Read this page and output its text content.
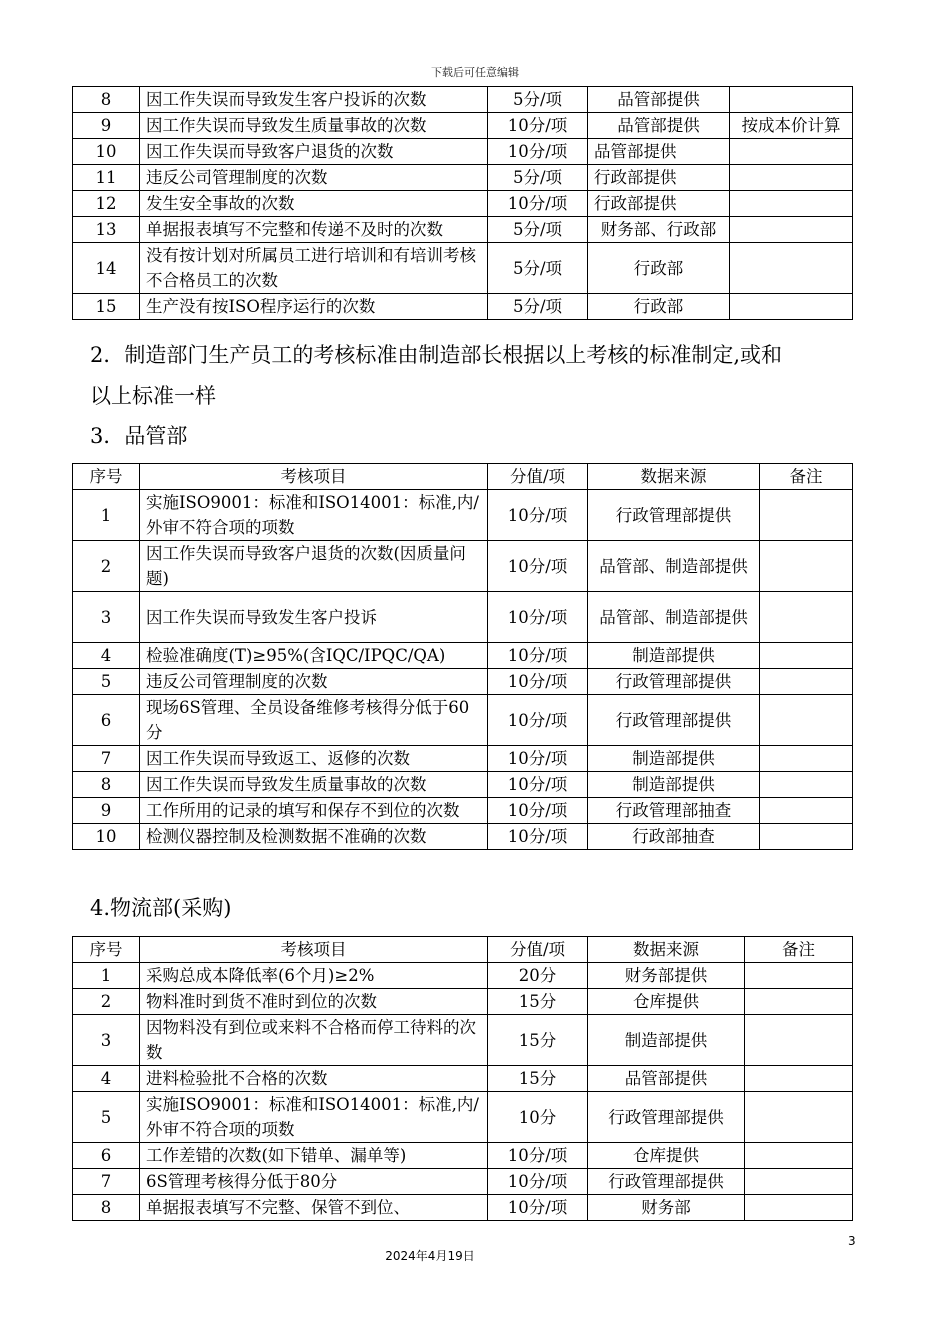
下载后可任意编辑
8	因工作失误而导致发生客户投诉的次数	5分/项	品管部提供	
9	因工作失误而导致发生质量事故的次数	10分/项	品管部提供	按成本价计算
10	因工作失误而导致客户退货的次数	10分/项	品管部提供	
11	违反公司管理制度的次数	5分/项	行政部提供	
12	发生安全事故的次数	10分/项	行政部提供	
13	单据报表填写不完整和传递不及时的次数	5分/项	财务部、行政部	
14	没有按计划对所属员工进行培训和有培训考核不合格员工的次数	5分/项	行政部	
15	生产没有按ISO程序运行的次数	5分/项	行政部	
2．制造部门生产员工的考核标准由制造部长根据以上考核的标准制定,或和
以上标准一样
3．品管部
序号	考核项目	分值/项	数据来源	备注
1	实施ISO9001：标准和ISO14001：标准,内/外审不符合项的项数	10分/项	行政管理部提供	
2	因工作失误而导致客户退货的次数(因质量问题)	10分/项	品管部、制造部提供	
3	因工作失误而导致发生客户投诉	10分/项	品管部、制造部提供	
4	检验准确度(T)≥95%(含IQC/IPQC/QA)	10分/项	制造部提供	
5	违反公司管理制度的次数	10分/项	行政管理部提供	
6	现场6S管理、全员设备维修考核得分低于60分	10分/项	行政管理部提供	
7	因工作失误而导致返工、返修的次数	10分/项	制造部提供	
8	因工作失误而导致发生质量事故的次数	10分/项	制造部提供	
9	工作所用的记录的填写和保存不到位的次数	10分/项	行政管理部抽查	
10	检测仪器控制及检测数据不准确的次数	10分/项	行政部抽查	
4.物流部(采购)
序号	考核项目	分值/项	数据来源	备注
1	采购总成本降低率(6个月)≥2%	20分	财务部提供	
2	物料准时到货不准时到位的次数	15分	仓库提供	
3	因物料没有到位或来料不合格而停工待料的次数	15分	制造部提供	
4	进料检验批不合格的次数	15分	品管部提供	
5	实施ISO9001：标准和ISO14001：标准,内/外审不符合项的项数	10分	行政管理部提供	
6	工作差错的次数(如下错单、漏单等)	10分/项	仓库提供	
7	6S管理考核得分低于80分	10分/项	行政管理部提供	
8	单据报表填写不完整、保管不到位、	10分/项	财务部	
3
2024年4月19日
